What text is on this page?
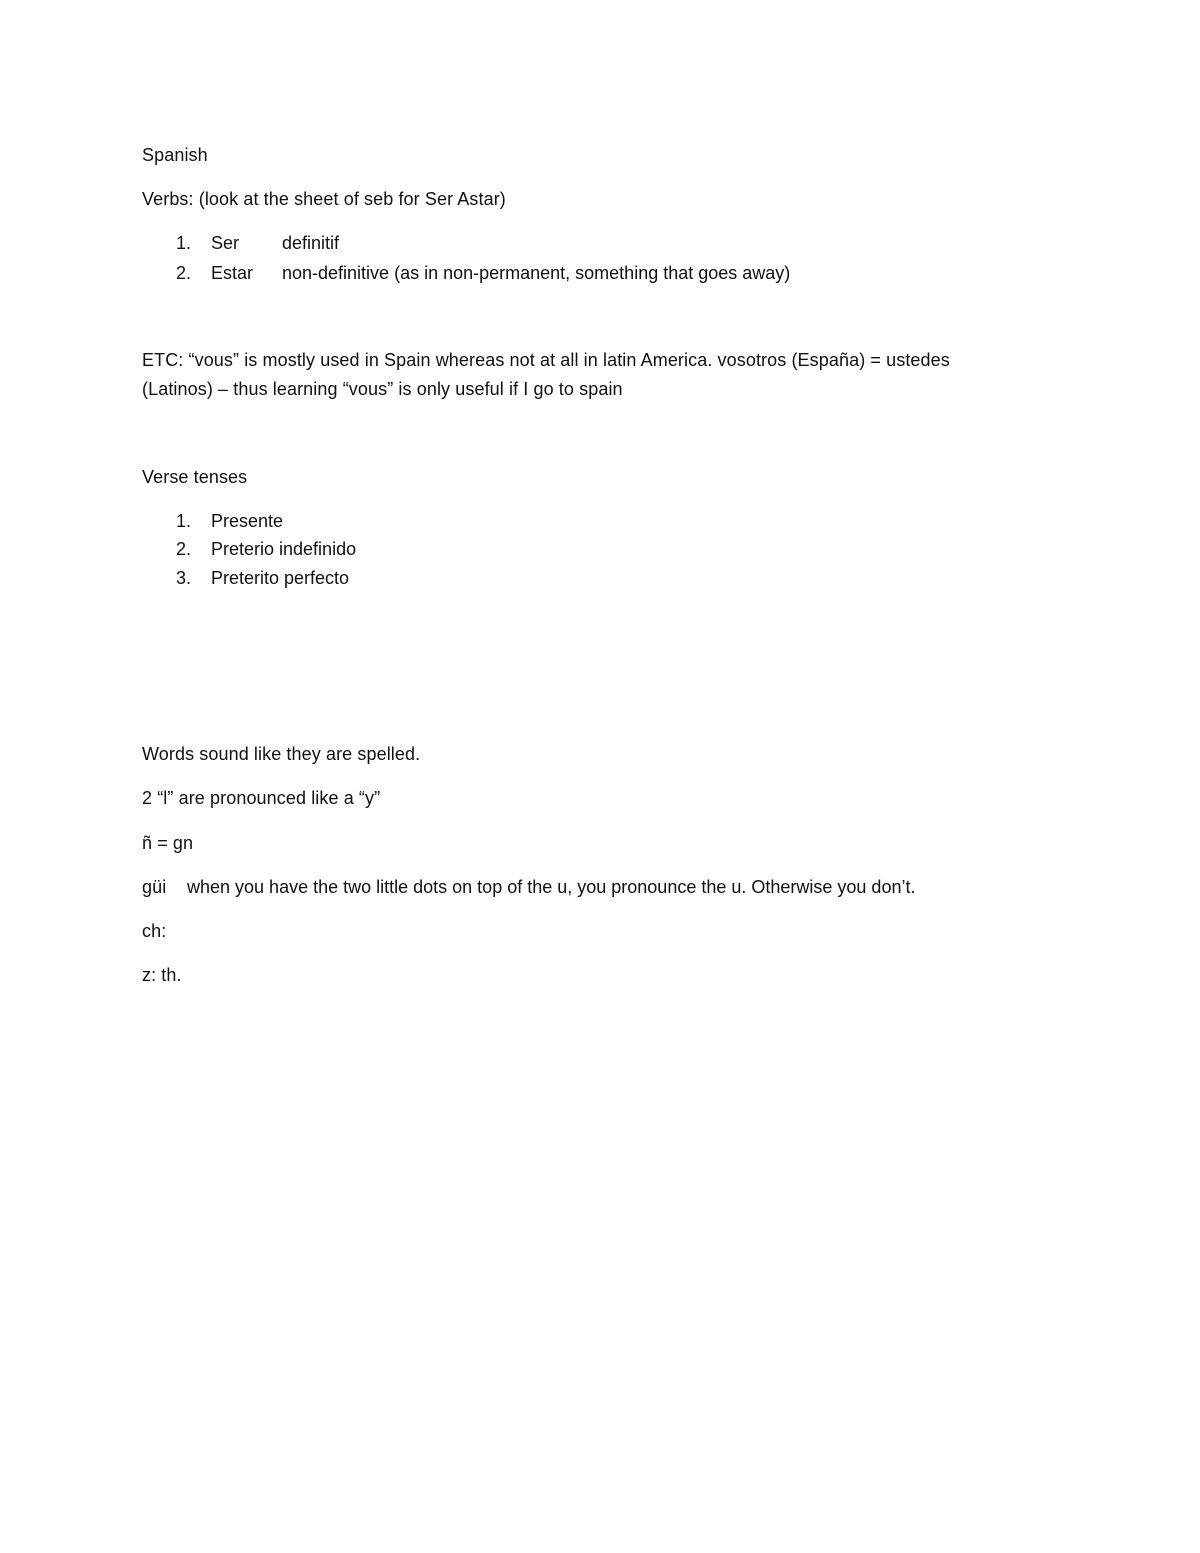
Spanish
Verbs: (look at the sheet of seb for Ser Astar)
1. Ser definitif
2. Estar non-definitive (as in non-permanent, something that goes away)
ETC: “vous” is mostly used in Spain whereas not at all in latin America. vosotros (España) = ustedes
(Latinos) – thus learning “vous” is only useful if I go to spain
Verse tenses
1. Presente
2. Preterio indefinido
3. Preterito perfecto
Words sound like they are spelled.
2 “l” are pronounced like a “y”
ñ = gn
güi when you have the two little dots on top of the u, you pronounce the u. Otherwise you don’t.
ch:
z: th.
